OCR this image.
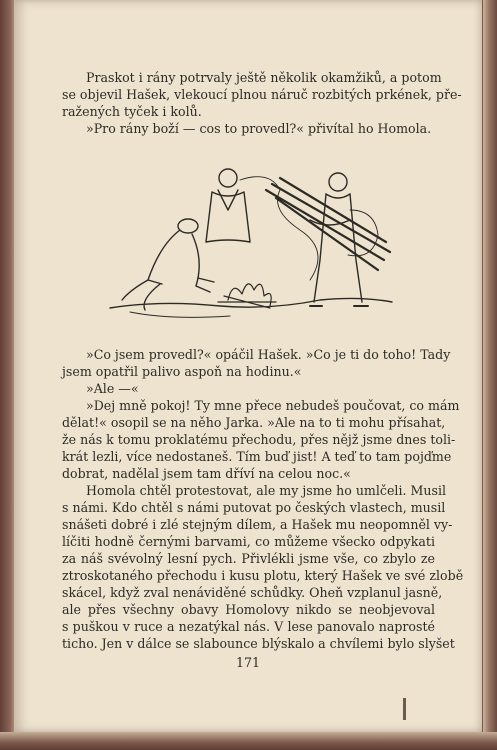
Praskot i rány potrvaly ještě několik okamžiků, a potom
se objevil Hašek, vlekoucí plnou náruč rozbitých prkének, pře-
ražených tyček i kolů.
»Pro rány boží — cos to provedl?« přivítal ho Homola.
»Co jsem provedl?« opáčil Hašek. »Co je ti do toho! Tady
jsem opatřil palivo aspoň na hodinu.«
»Ale —«
»Dej mně pokoj! Ty mne přece nebudeš poučovat, co mám
dělat!« osopil se na něho Jarka. »Ale na to ti mohu přísahat,
že nás k tomu proklatému přechodu, přes nějž jsme dnes toli-
krát lezli, více nedostaneš. Tím buď jist! A teď to tam pojďme
dobrat, nadělal jsem tam dříví na celou noc.«
Homola chtěl protestovat, ale my jsme ho umlčeli. Musil
s námi. Kdo chtěl s námi putovat po českých vlastech, musil
snášeti dobré i zlé stejným dílem, a Hašek mu neopomněl vy-
líčiti hodně černými barvami, co můžeme všecko odpykati
za náš svévolný lesní pych. Přivlékli jsme vše, co zbylo ze
ztroskotaného přechodu i kusu plotu, který Hašek ve své zlobě
skácel, když zval nenáviděné schůdky. Oheň vzplanul jasně,
ale přes všechny obavy Homolovy nikdo se neobjevoval
s puškou v ruce a nezatýkal nás. V lese panovalo naprosté
ticho. Jen v dálce se slabounce blýskalo a chvílemi bylo slyšet
171
